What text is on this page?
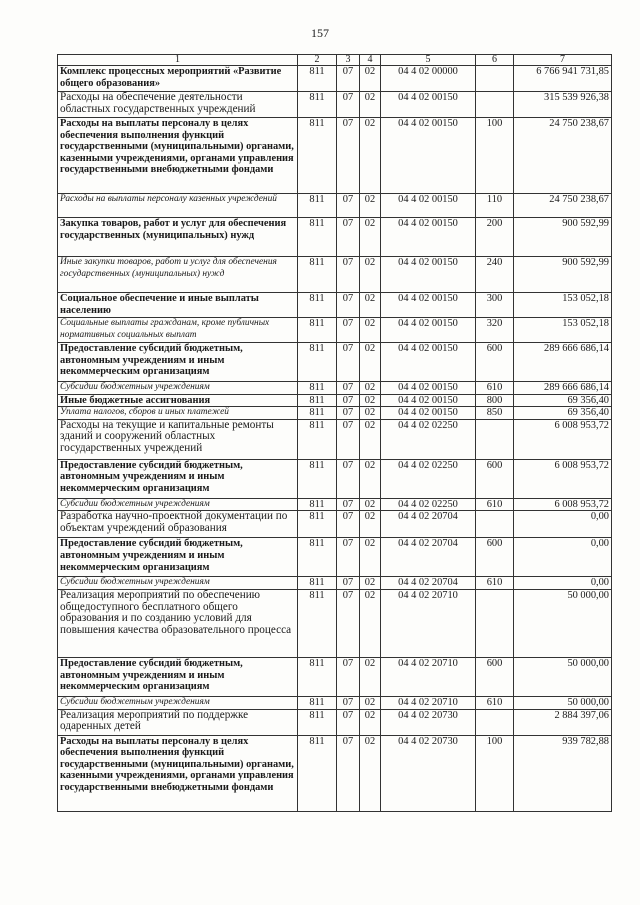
157
1	2	3	4	5	6	7
Комплекс процессных мероприятий «Развитие общего образования»	811	07	02	04 4 02 00000		6 766 941 731,85
Расходы на обеспечение деятельности областных государственных учреждений	811	07	02	04 4 02 00150		315 539 926,38
Расходы на выплаты персоналу в целях обеспечения выполнения функций государственными (муниципальными) органами, казенными учреждениями, органами управления государственными внебюджетными фондами	811	07	02	04 4 02 00150	100	24 750 238,67
Расходы на выплаты персоналу казенных учреждений	811	07	02	04 4 02 00150	110	24 750 238,67
Закупка товаров, работ и услуг для обеспечения государственных (муниципальных) нужд	811	07	02	04 4 02 00150	200	900 592,99
Иные закупки товаров, работ и услуг для обеспечения государственных (муниципальных) нужд	811	07	02	04 4 02 00150	240	900 592,99
Социальное обеспечение и иные выплаты населению	811	07	02	04 4 02 00150	300	153 052,18
Социальные выплаты гражданам, кроме публичных нормативных социальных выплат	811	07	02	04 4 02 00150	320	153 052,18
Предоставление субсидий бюджетным, автономным учреждениям и иным некоммерческим организациям	811	07	02	04 4 02 00150	600	289 666 686,14
Субсидии бюджетным учреждениям	811	07	02	04 4 02 00150	610	289 666 686,14
Иные бюджетные ассигнования	811	07	02	04 4 02 00150	800	69 356,40
Уплата налогов, сборов и иных платежей	811	07	02	04 4 02 00150	850	69 356,40
Расходы на текущие и капитальные ремонты зданий и сооружений областных государственных учреждений	811	07	02	04 4 02 02250		6 008 953,72
Предоставление субсидий бюджетным, автономным учреждениям и иным некоммерческим организациям	811	07	02	04 4 02 02250	600	6 008 953,72
Субсидии бюджетным учреждениям	811	07	02	04 4 02 02250	610	6 008 953,72
Разработка научно-проектной документации по объектам учреждений образования	811	07	02	04 4 02 20704		0,00
Предоставление субсидий бюджетным, автономным учреждениям и иным некоммерческим организациям	811	07	02	04 4 02 20704	600	0,00
Субсидии бюджетным учреждениям	811	07	02	04 4 02 20704	610	0,00
Реализация мероприятий по обеспечению общедоступного бесплатного общего образования и по созданию условий для повышения качества образовательного процесса	811	07	02	04 4 02 20710		50 000,00
Предоставление субсидий бюджетным, автономным учреждениям и иным некоммерческим организациям	811	07	02	04 4 02 20710	600	50 000,00
Субсидии бюджетным учреждениям	811	07	02	04 4 02 20710	610	50 000,00
Реализация мероприятий по поддержке одаренных детей	811	07	02	04 4 02 20730		2 884 397,06
Расходы на выплаты персоналу в целях обеспечения выполнения функций государственными (муниципальными) органами, казенными учреждениями, органами управления государственными внебюджетными фондами	811	07	02	04 4 02 20730	100	939 782,88
